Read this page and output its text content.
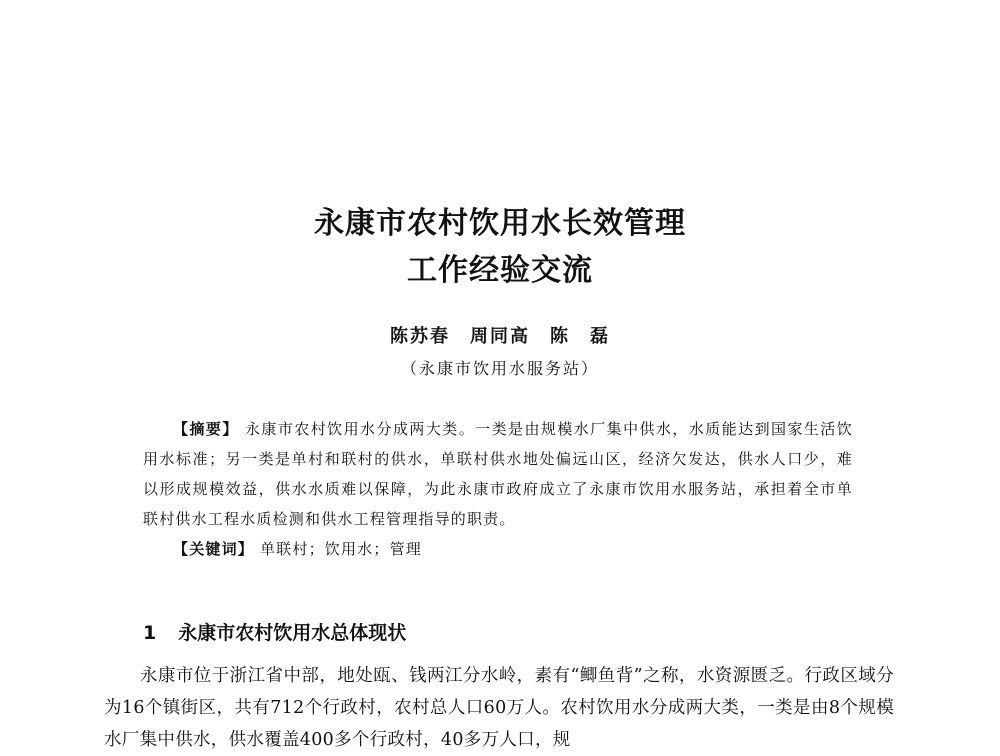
永康市农村饮用水长效管理
工作经验交流
陈苏春　周同高　陈　磊
（永康市饮用水服务站）
【摘要】 永康市农村饮用水分成两大类。一类是由规模水厂集中供水，水质能达到国家生活饮用水标准；另一类是单村和联村的供水，单联村供水地处偏远山区，经济欠发达，供水人口少，难以形成规模效益，供水水质难以保障，为此永康市政府成立了永康市饮用水服务站，承担着全市单联村供水工程水质检测和供水工程管理指导的职责。
【关键词】 单联村；饮用水；管理
1 永康市农村饮用水总体现状
永康市位于浙江省中部，地处瓯、钱两江分水岭，素有“鲫鱼背”之称，水资源匮乏。行政区域分为16个镇街区，共有712个行政村，农村总人口60万人。农村饮用水分成两大类，一类是由8个规模水厂集中供水，供水覆盖400多个行政村，40多万人口，规
